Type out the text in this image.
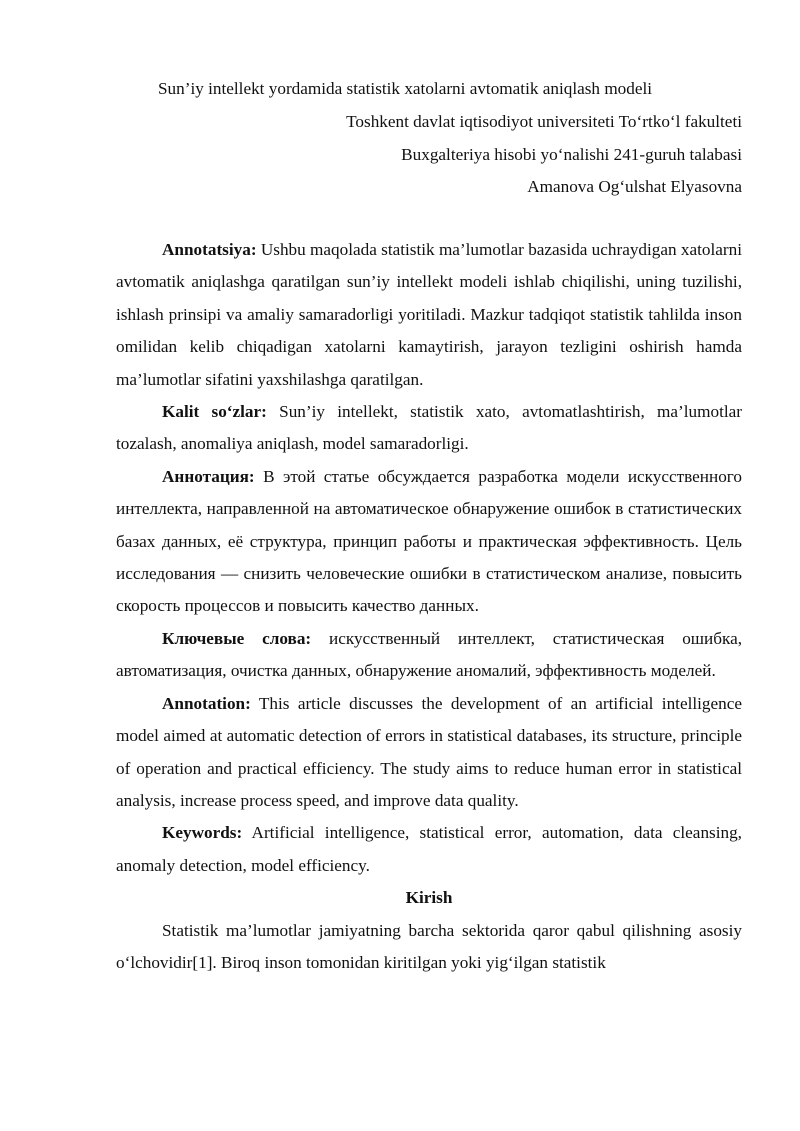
Sun’iy intellekt yordamida statistik xatolarni avtomatik aniqlash modeli
Toshkent davlat iqtisodiyot universiteti To‘rtko‘l fakulteti
Buxgalteriya hisobi yo‘nalishi 241-guruh talabasi
Amanova Og‘ulshat Elyasovna

Annotatsiya: Ushbu maqolada statistik ma’lumotlar bazasida uchraydigan xatolarni avtomatik aniqlashga qaratilgan sun’iy intellekt modeli ishlab chiqilishi, uning tuzilishi, ishlash prinsipi va amaliy samaradorligi yoritiladi. Mazkur tadqiqot statistik tahlilda inson omilidan kelib chiqadigan xatolarni kamaytirish, jarayon tezligini oshirish hamda ma’lumotlar sifatini yaxshilashga qaratilgan.

Kalit so‘zlar: Sun’iy intellekt, statistik xato, avtomatlashtirish, ma’lumotlar tozalash, anomaliya aniqlash, model samaradorligi.

Аннотация: В этой статье обсуждается разработка модели искусственного интеллекта, направленной на автоматическое обнаружение ошибок в статистических базах данных, её структура, принцип работы и практическая эффективность. Цель исследования — снизить человеческие ошибки в статистическом анализе, повысить скорость процессов и повысить качество данных.

Ключевые слова: искусственный интеллект, статистическая ошибка, автоматизация, очистка данных, обнаружение аномалий, эффективность моделей.

Annotation: This article discusses the development of an artificial intelligence model aimed at automatic detection of errors in statistical databases, its structure, principle of operation and practical efficiency. The study aims to reduce human error in statistical analysis, increase process speed, and improve data quality.

Keywords: Artificial intelligence, statistical error, automation, data cleansing, anomaly detection, model efficiency.

Kirish

Statistik ma’lumotlar jamiyatning barcha sektorida qaror qabul qilishning asosiy o‘lchovidir[1]. Biroq inson tomonidan kiritilgan yoki yig‘ilgan statistik
